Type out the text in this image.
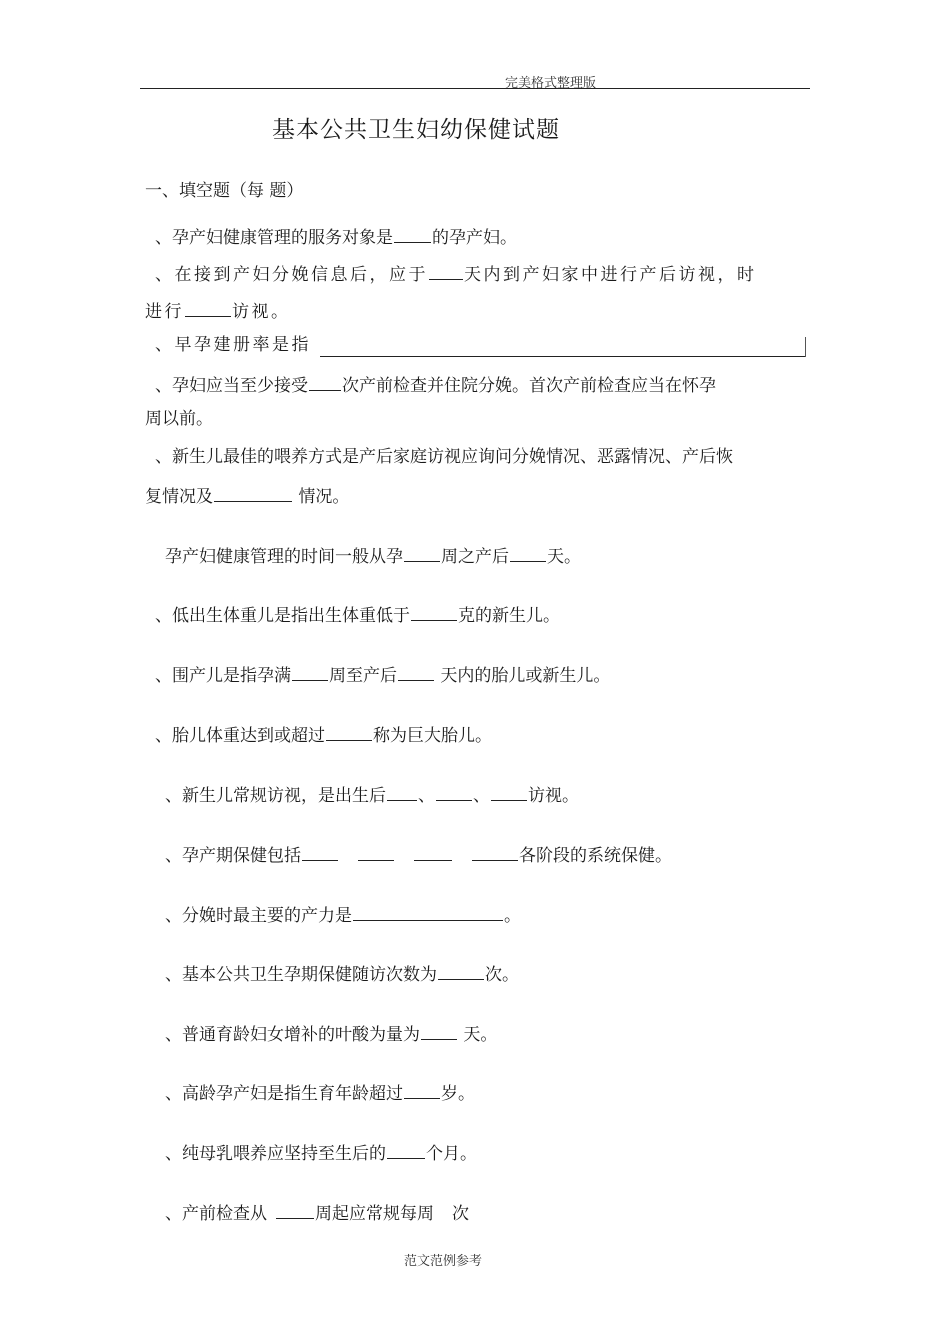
完美格式整理版
基本公共卫生妇幼保健试题
一、填空题（每 题）
、孕产妇健康管理的服务对象是 的孕产妇。
、在接到产妇分娩信息后，应于 天内到产妇家中进行产后访视，时
进行	访视。
、早孕建册率是指
、孕妇应当至少接受 次产前检查并住院分娩。首次产前检查应当在怀孕
周以前。
、新生儿最佳的喂养方式是产后家庭访视应询问分娩情况、恶露情况、产后恢
复情况及	情况。
孕产妇健康管理的时间一般从孕 周之产后 天。
、低出生体重儿是指出生体重低于	克的新生儿。
、围产儿是指孕满 周至产后 天内的胎儿或新生儿。
、胎儿体重达到或超过	称为巨大胎儿。
、新生儿常规访视，是出生后 、 、 访视。
、孕产期保健包括	各阶段的系统保健。
、分娩时最主要的产力是	。
、基本公共卫生孕期保健随访次数为	次。
、普通育龄妇女增补的叶酸为量为 天。
、高龄孕产妇是指生育年龄超过 岁。
、纯母乳喂养应坚持至生后的 个月。
、产前检查从	周起应常规每周 次
范文范例参考
